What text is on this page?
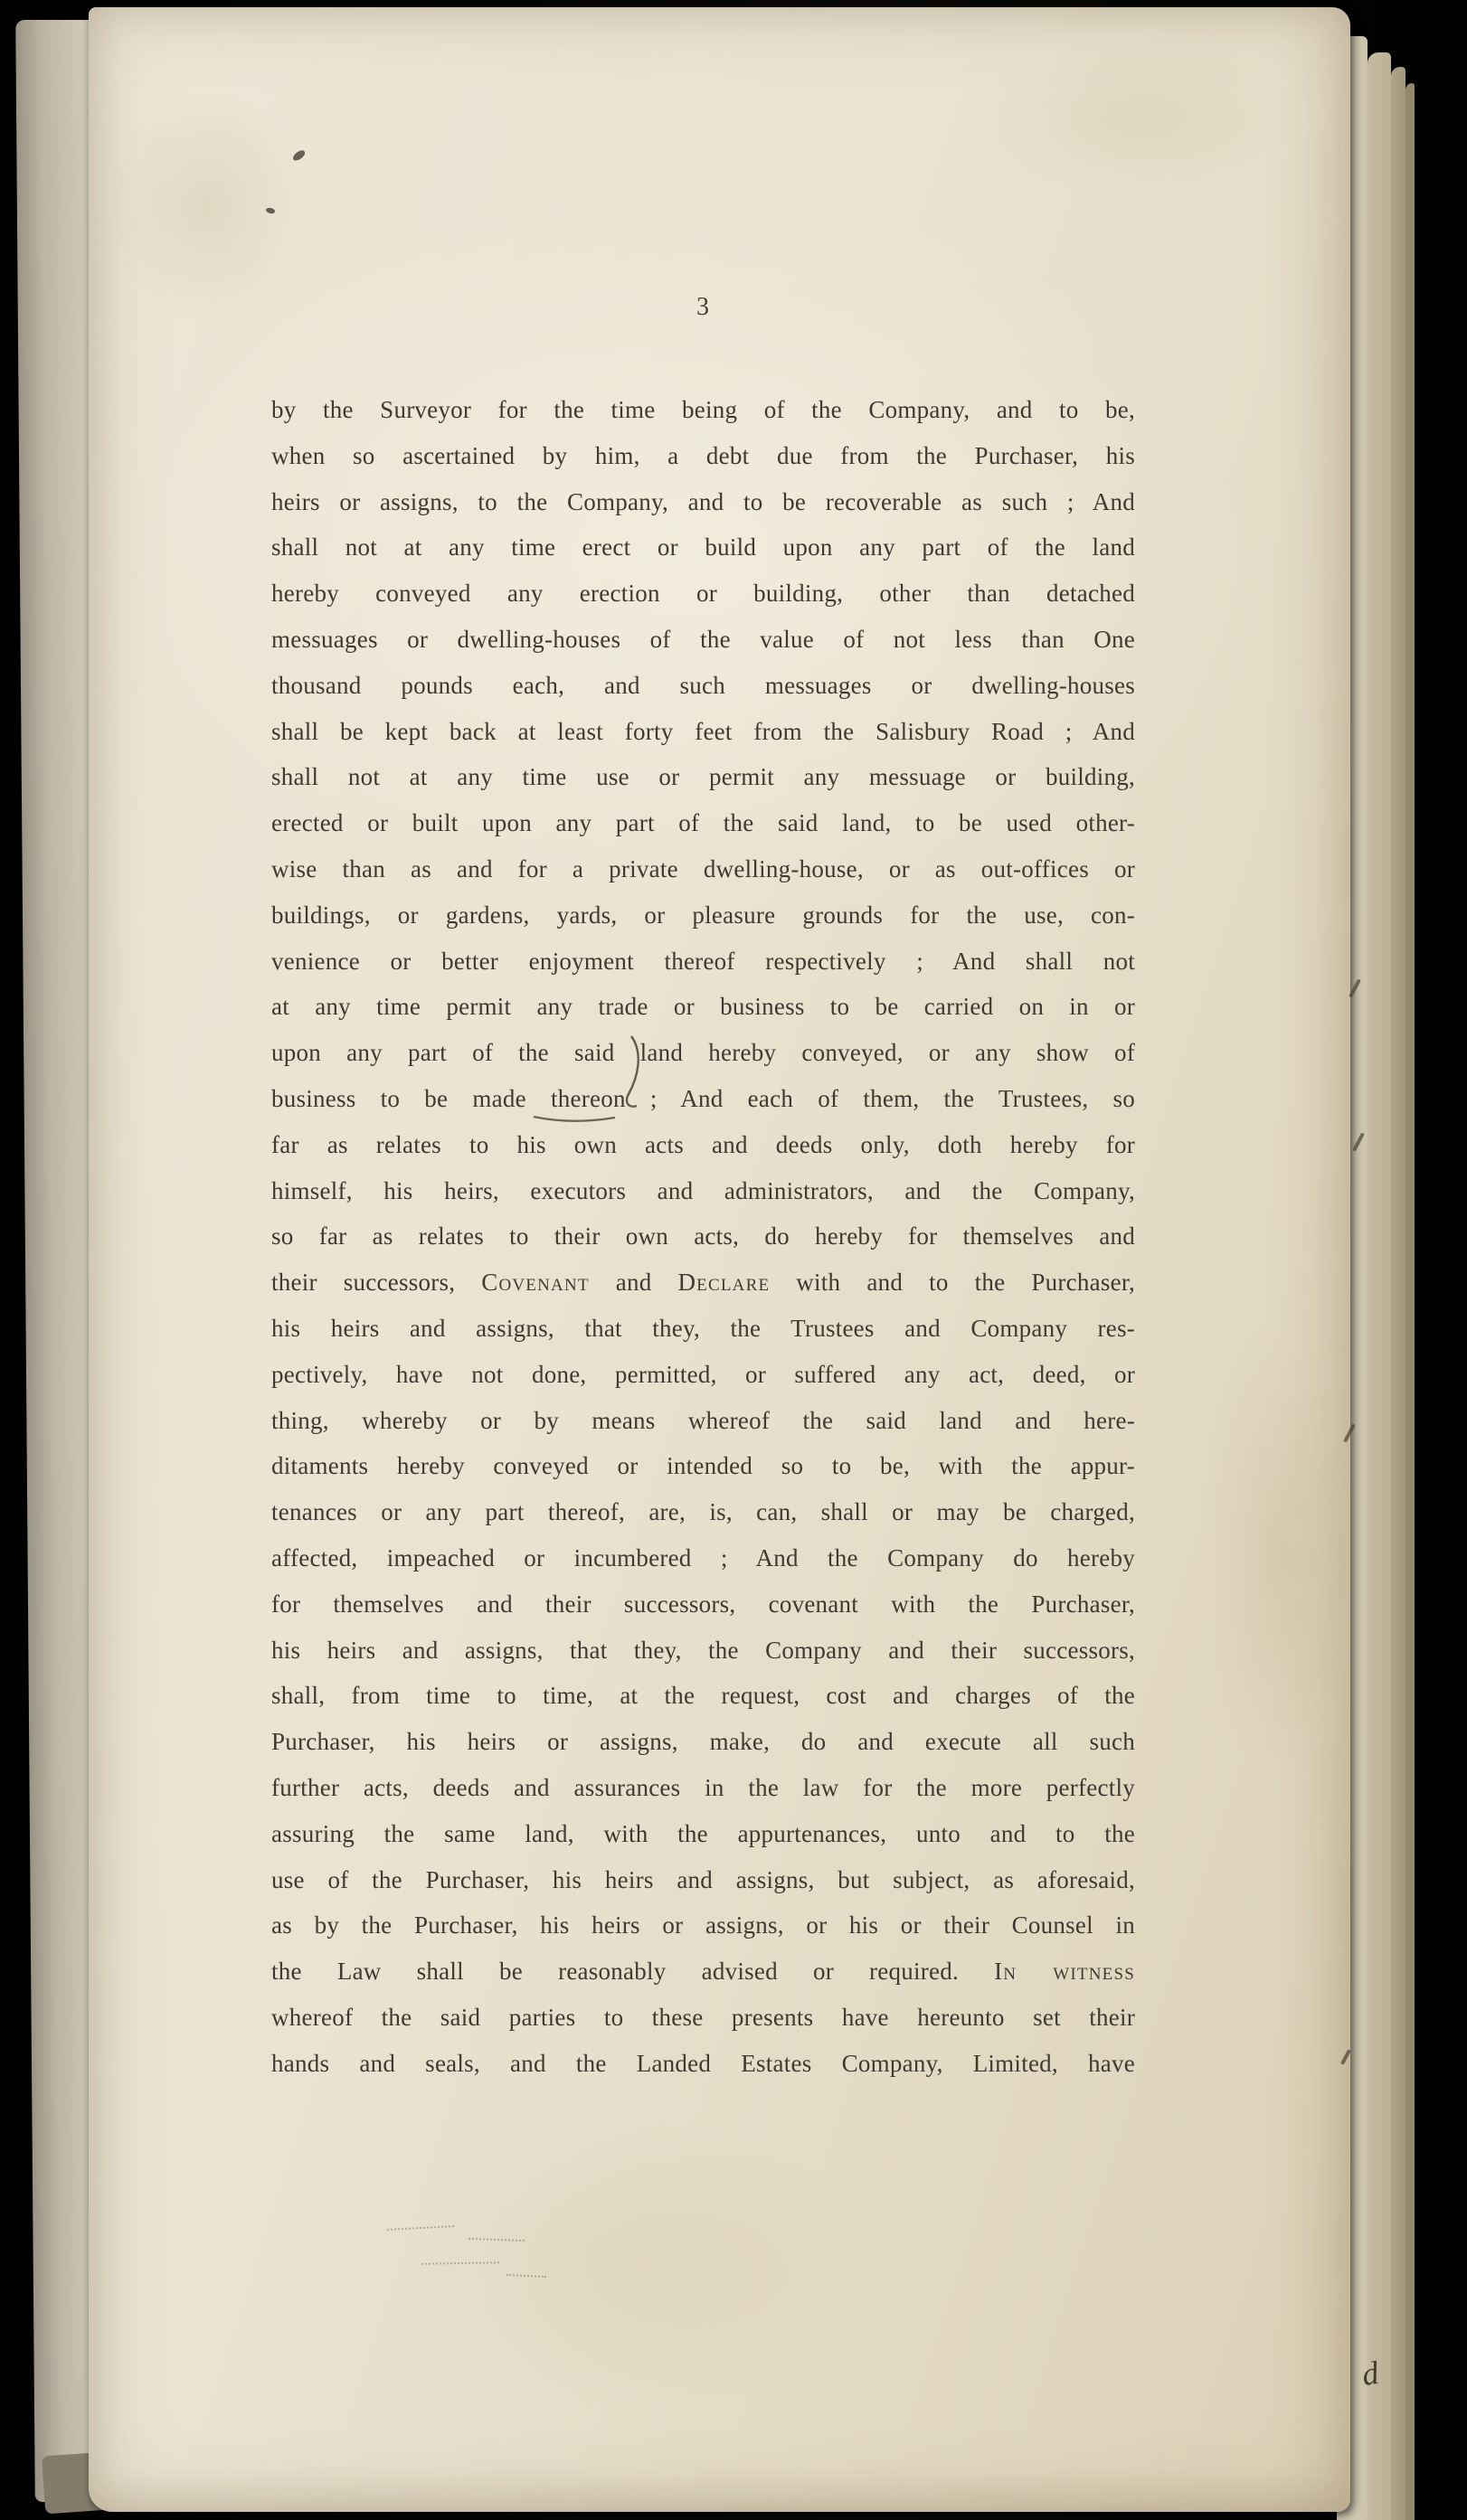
3
by the Surveyor for the time being of the Company, and to be,
when so ascertained by him, a debt due from the Purchaser, his
heirs or assigns, to the Company, and to be recoverable as such ; And
shall not at any time erect or build upon any part of the land
hereby conveyed any erection or building, other than detached
messuages or dwelling-houses of the value of not less than One
thousand pounds each, and such messuages or dwelling-houses
shall be kept back at least forty feet from the Salisbury Road ; And
shall not at any time use or permit any messuage or building,
erected or built upon any part of the said land, to be used other-
wise than as and for a private dwelling-house, or as out-offices or
buildings, or gardens, yards, or pleasure grounds for the use, con-
venience or better enjoyment thereof respectively ; And shall not
at any time permit any trade or business to be carried on in or
upon any part of the said land hereby conveyed, or any show of
business to be made thereon ; And each of them, the Trustees, so
far as relates to his own acts and deeds only, doth hereby for
himself, his heirs, executors and administrators, and the Company,
so far as relates to their own acts, do hereby for themselves and
their successors, Covenant and Declare with and to the Purchaser,
his heirs and assigns, that they, the Trustees and Company res-
pectively, have not done, permitted, or suffered any act, deed, or
thing, whereby or by means whereof the said land and here-
ditaments hereby conveyed or intended so to be, with the appur-
tenances or any part thereof, are, is, can, shall or may be charged,
affected, impeached or incumbered ; And the Company do hereby
for themselves and their successors, covenant with the Purchaser,
his heirs and assigns, that they, the Company and their successors,
shall, from time to time, at the request, cost and charges of the
Purchaser, his heirs or assigns, make, do and execute all such
further acts, deeds and assurances in the law for the more perfectly
assuring the same land, with the appurtenances, unto and to the
use of the Purchaser, his heirs and assigns, but subject, as aforesaid,
as by the Purchaser, his heirs or assigns, or his or their Counsel in
the Law shall be reasonably advised or required. In witness
whereof the said parties to these presents have hereunto set their
hands and seals, and the Landed Estates Company, Limited, have
d
